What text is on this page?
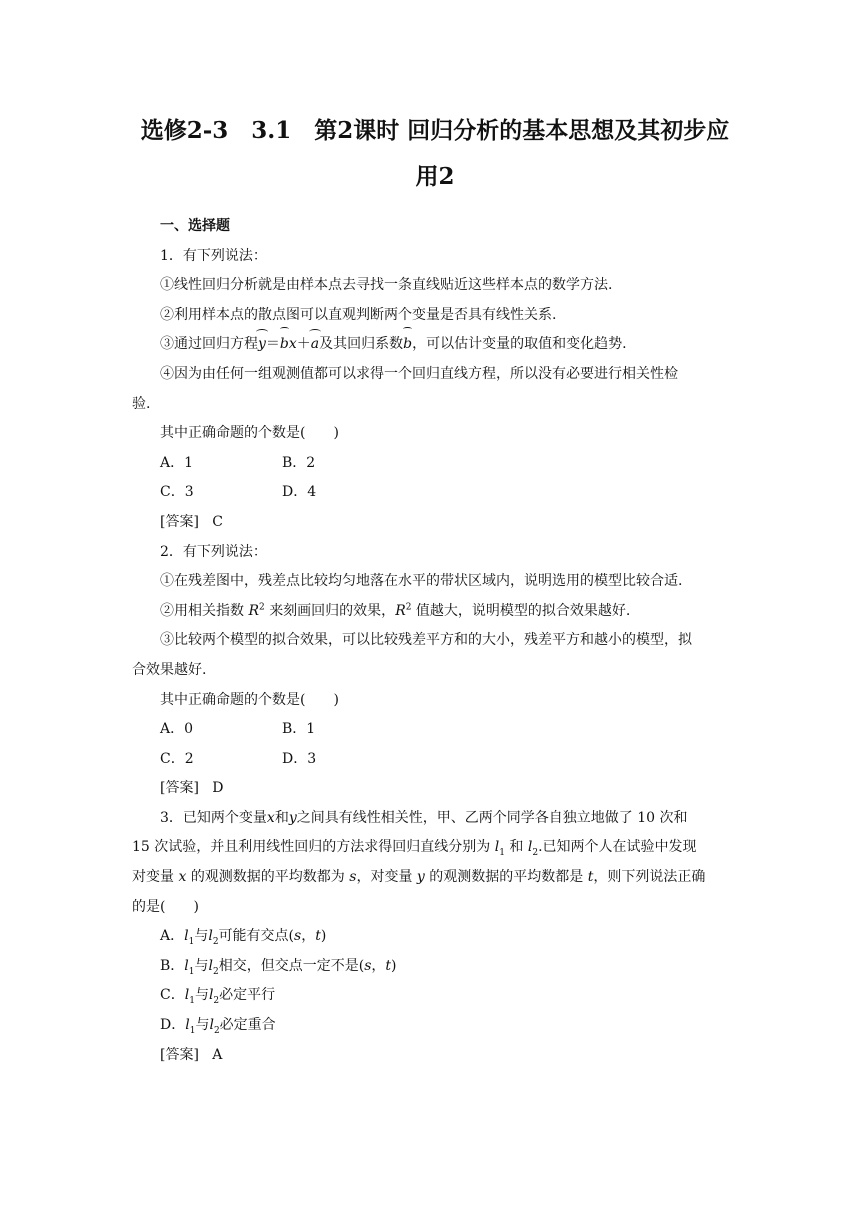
选修2-3　3.1　第2课时 回归分析的基本思想及其初步应
用2
一、选择题
1．有下列说法：
①线性回归分析就是由样本点去寻找一条直线贴近这些样本点的数学方法.
②利用样本点的散点图可以直观判断两个变量是否具有线性关系.
③通过回归方程y＝bx＋a及其回归系数b，可以估计变量的取值和变化趋势.
④因为由任何一组观测值都可以求得一个回归直线方程，所以没有必要进行相关性检
验.
其中正确命题的个数是(　　)
A．1	B．2
C．3	D．4
[答案] C
2．有下列说法：
①在残差图中，残差点比较均匀地落在水平的带状区域内，说明选用的模型比较合适.
②用相关指数 $R^2$ 来刻画回归的效果，$R^2$ 值越大，说明模型的拟合效果越好.
③比较两个模型的拟合效果，可以比较残差平方和的大小，残差平方和越小的模型，拟
合效果越好.
其中正确命题的个数是(　　)
A．0	B．1
C．2	D．3
[答案] D
3．已知两个变量x和y之间具有线性相关性，甲、乙两个同学各自独立地做了 10 次和
15 次试验，并且利用线性回归的方法求得回归直线分别为 $l_1$ 和 $l_2$.已知两个人在试验中发现
对变量 x 的观测数据的平均数都为 s，对变量 y 的观测数据的平均数都是 t，则下列说法正确
的是(　　)
A．$l_1$与$l_2$可能有交点(s，t)
B．$l_1$与$l_2$相交，但交点一定不是(s，t)
C．$l_1$与$l_2$必定平行
D．$l_1$与$l_2$必定重合
[答案] A
